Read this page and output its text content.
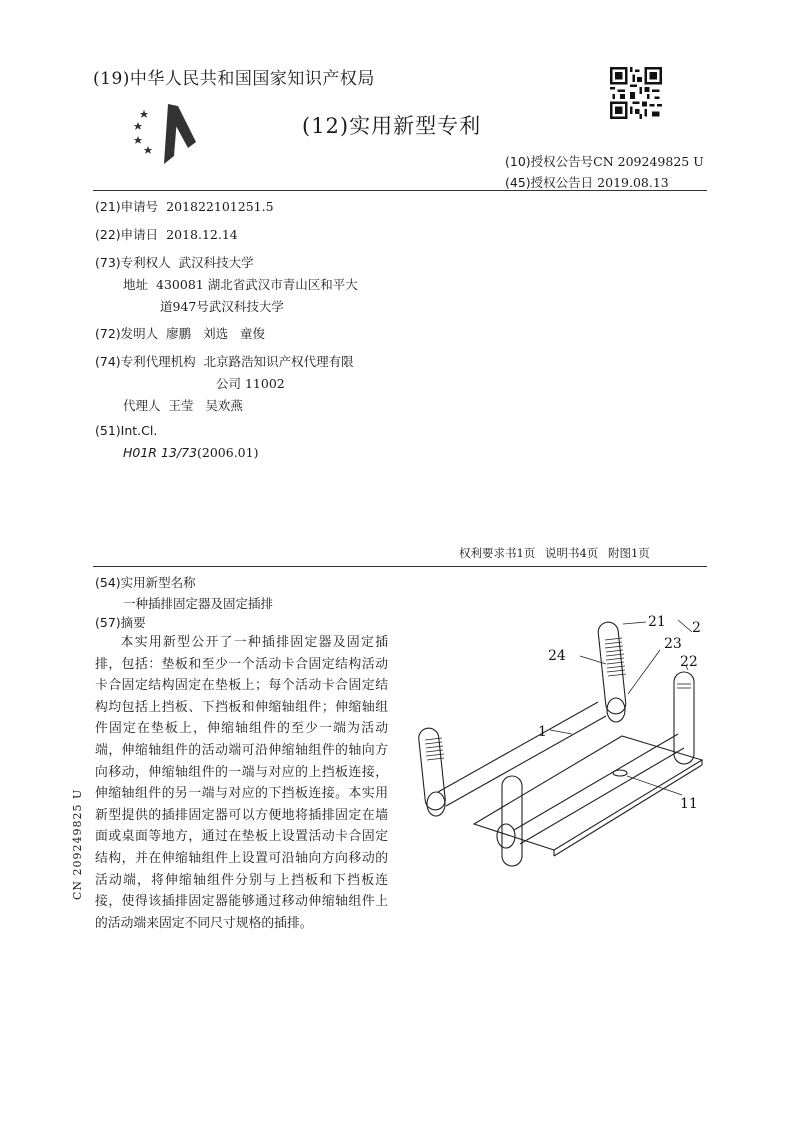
(19)中华人民共和国国家知识产权局
(12)实用新型专利
(10)授权公告号CN 209249825 U
(45)授权公告日 2019.08.13
(21)申请号 201822101251.5
(22)申请日 2018.12.14
(73)专利权人 武汉科技大学
地址 430081 湖北省武汉市青山区和平大
道947号武汉科技大学
(72)发明人 廖鹏   刘选   童俊
(74)专利代理机构 北京路浩知识产权代理有限
公司 11002
代理人 王莹   吴欢燕
(51)Int.Cl.
H01R 13/73(2006.01)
权利要求书1页 说明书4页 附图1页
(54)实用新型名称
一种插排固定器及固定插排
(57)摘要
本实用新型公开了一种插排固定器及固定插排，包括：垫板和至少一个活动卡合固定结构活动卡合固定结构固定在垫板上；每个活动卡合固定结构均包括上挡板、下挡板和伸缩轴组件；伸缩轴组件固定在垫板上，伸缩轴组件的至少一端为活动端，伸缩轴组件的活动端可沿伸缩轴组件的轴向方向移动，伸缩轴组件的一端与对应的上挡板连接，伸缩轴组件的另一端与对应的下挡板连接。本实用新型提供的插排固定器可以方便地将插排固定在墙面或桌面等地方，通过在垫板上设置活动卡合固定结构，并在伸缩轴组件上设置可沿轴向方向移动的活动端，将伸缩轴组件分别与上挡板和下挡板连接，使得该插排固定器能够通过移动伸缩轴组件上的活动端来固定不同尺寸规格的插排。
CN 209249825 U
21 2
23
22
24
1
11
